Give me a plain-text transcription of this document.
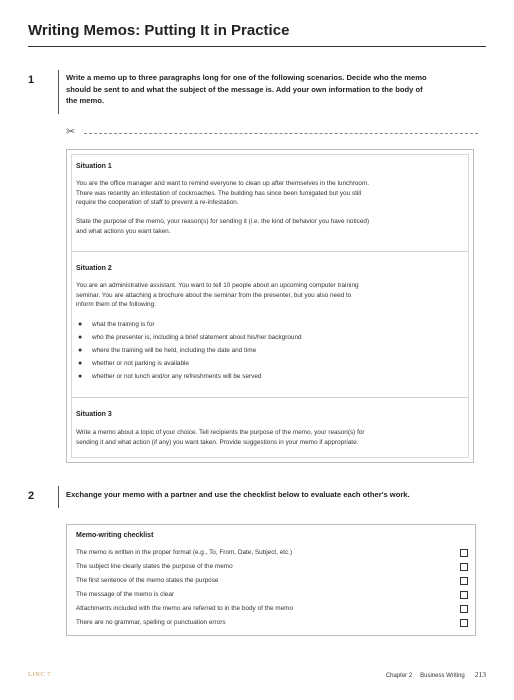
Writing Memos: Putting It in Practice
1	Write a memo up to three paragraphs long for one of the following scenarios. Decide who the memo
should be sent to and what the subject of the message is. Add your own information to the body of
the memo.
✂
Situation 1
You are the office manager and want to remind everyone to clean up after themselves in the lunchroom.
There was recently an infestation of cockroaches. The building has since been fumigated but you still
require the cooperation of staff to prevent a re-infestation.
State the purpose of the memo, your reason(s) for sending it (i.e. the kind of behavior you have noticed)
and what actions you want taken.
Situation 2
You are an administrative assistant. You want to tell 10 people about an upcoming computer training
seminar. You are attaching a brochure about the seminar from the presenter, but you also need to
inform them of the following:
● what the training is for
● who the presenter is, including a brief statement about his/her background
● where the training will be held, including the date and time
● whether or not parking is available
● whether or not lunch and/or any refreshments will be served
Situation 3
Write a memo about a topic of your choice. Tell recipients the purpose of the memo, your reason(s) for
sending it and what action (if any) you want taken. Provide suggestions in your memo if appropriate.
2	Exchange your memo with a partner and use the checklist below to evaluate each other's work.
Memo-writing checklist
The memo is written in the proper format (e.g., To, From, Date, Subject, etc.)
The subject line clearly states the purpose of the memo
The first sentence of the memo states the purpose
The message of the memo is clear
Attachments included with the memo are referred to in the body of the memo
There are no grammar, spelling or punctuation errors
LINC 7	Chapter 2 Business Writing 213
